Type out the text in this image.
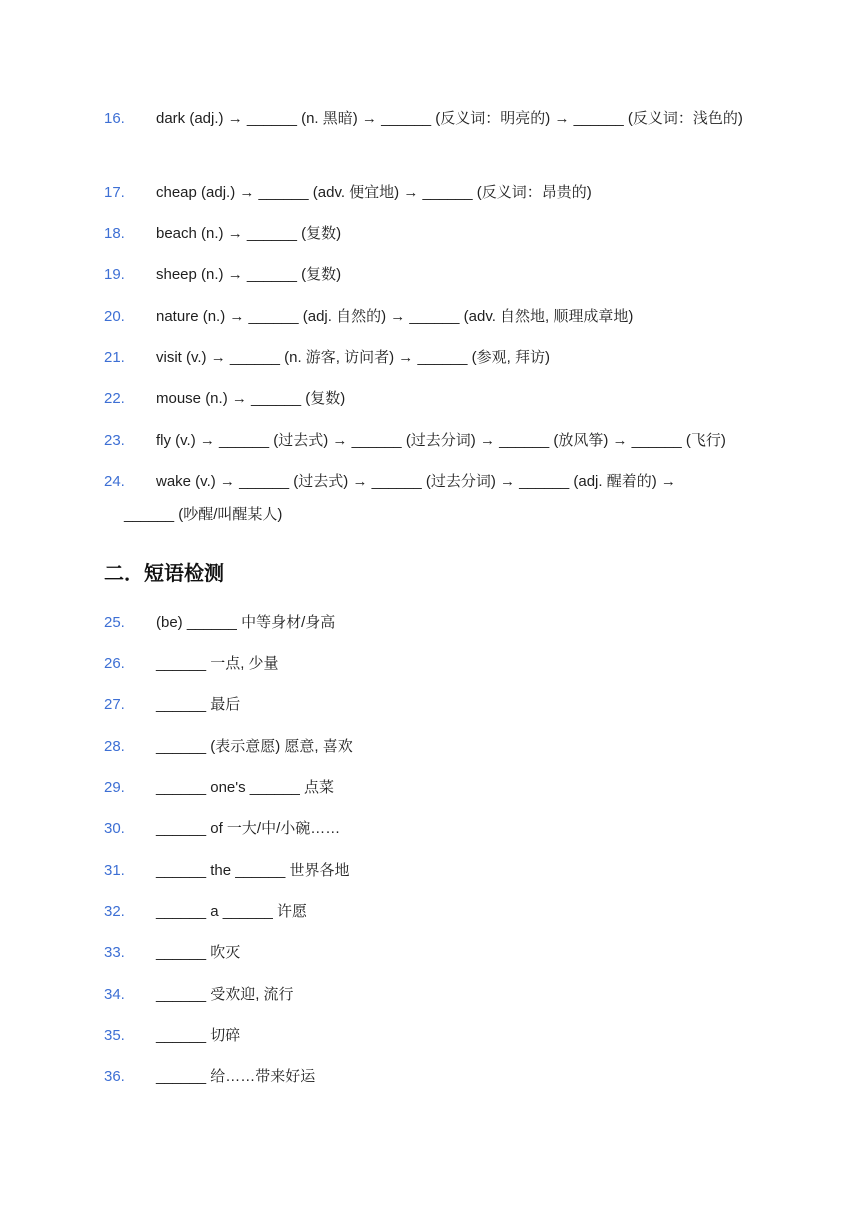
16.	dark (adj.) → ______ (n. 黑暗) → ______ (反义词：明亮的) → ______ (反义词：浅色的)
17.	cheap (adj.) → ______ (adv. 便宜地) → ______ (反义词：昂贵的)
18.	beach (n.) → ______ (复数)
19.	sheep (n.) → ______ (复数)
20.	nature (n.) → ______ (adj. 自然的) → ______ (adv. 自然地, 顺理成章地)
21.	visit (v.) → ______ (n. 游客, 访问者) → ______ (参观, 拜访)
22.	mouse (n.) → ______ (复数)
23.	fly (v.) → ______ (过去式) → ______ (过去分词) → ______ (放风筝) → ______ (飞行)
24.	wake (v.) → ______ (过去式) → ______ (过去分词) → ______ (adj. 醒着的) → ______ (吵醒/叫醒某人)
二．短语检测
25.	(be) ______ 中等身材/身高
26.	______ 一点, 少量
27.	______ 最后
28.	______ (表示意愿) 愿意, 喜欢
29.	______ one's ______ 点菜
30.	______ of 一大/中/小碗……
31.	______ the ______ 世界各地
32.	______ a ______ 许愿
33.	______ 吹灭
34.	______ 受欢迎, 流行
35.	______ 切碎
36.	______ 给……带来好运
